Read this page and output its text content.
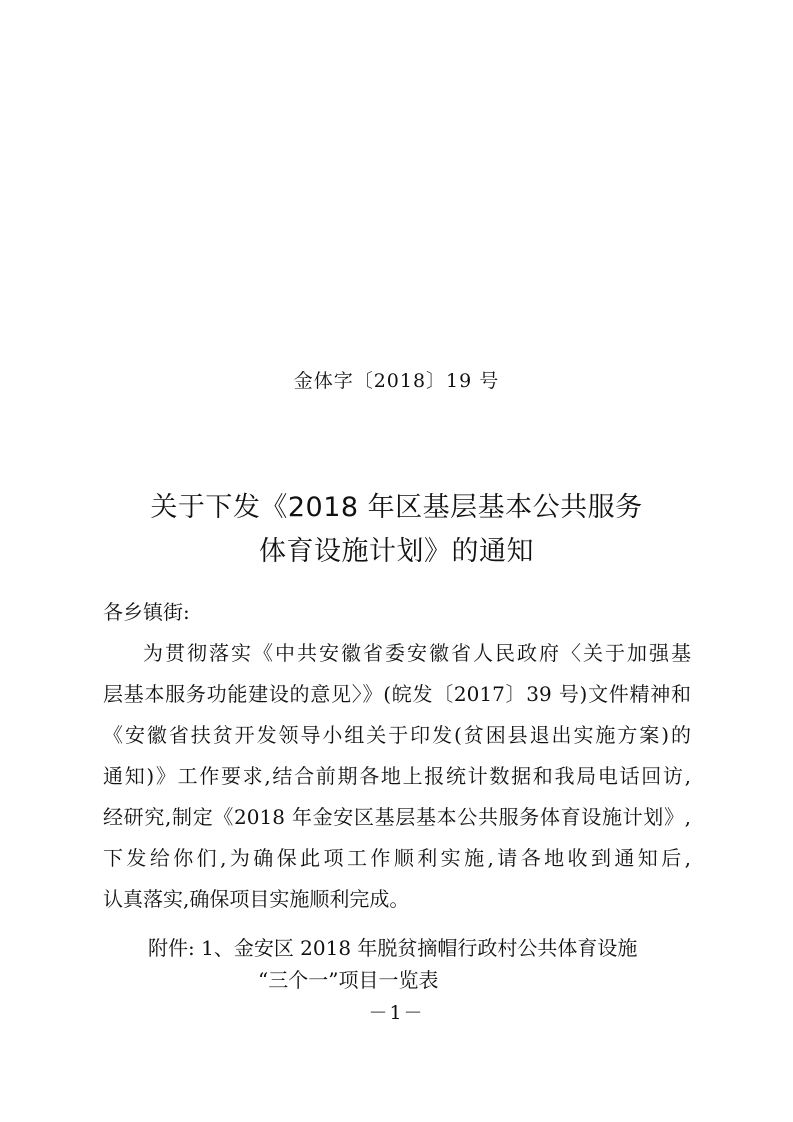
金体字〔2018〕19 号
关于下发《2018 年区基层基本公共服务
体育设施计划》的通知
各乡镇街:
为贯彻落实《中共安徽省委安徽省人民政府〈关于加强基
层基本服务功能建设的意见〉》(皖发〔2017〕39 号)文件精神和
《安徽省扶贫开发领导小组关于印发(贫困县退出实施方案)的
通知)》工作要求,结合前期各地上报统计数据和我局电话回访,
经研究,制定《2018 年金安区基层基本公共服务体育设施计划》,
下发给你们,为确保此项工作顺利实施,请各地收到通知后,
认真落实,确保项目实施顺利完成。
附件: 1、金安区 2018 年脱贫摘帽行政村公共体育设施
“三个一”项目一览表
－1－
